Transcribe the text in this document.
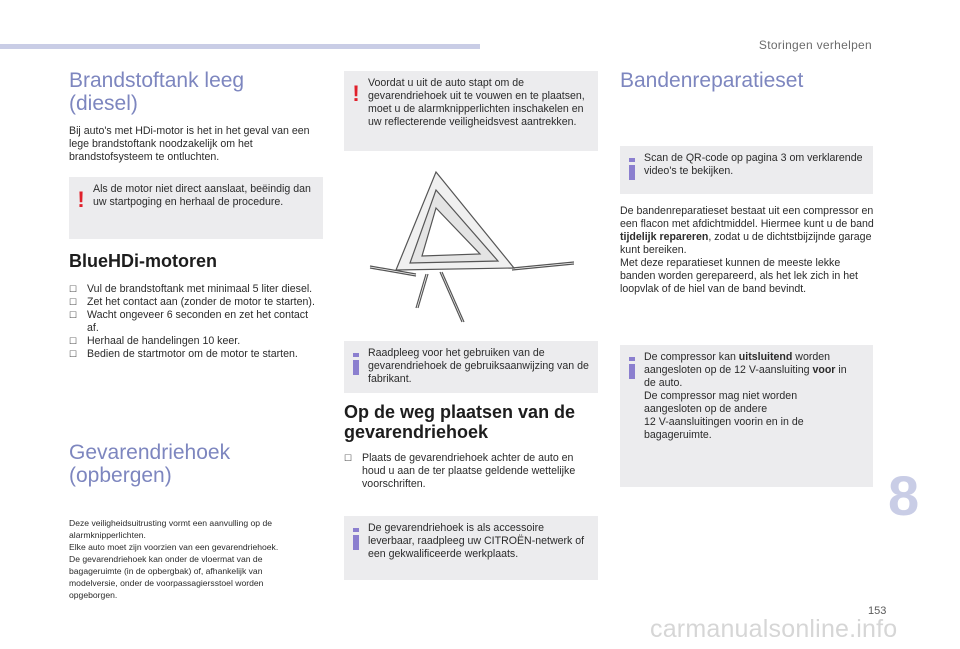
Storingen verhelpen
Brandstoftank leeg
(diesel)

Bij auto's met HDi-motor is het in het geval van een lege brandstoftank noodzakelijk om het brandstofsysteem te ontluchten.

! Als de motor niet direct aanslaat, beëindig dan uw startpoging en herhaal de procedure.
BlueHDi-motoren
☐ Vul de brandstoftank met minimaal 5 liter diesel.
☐ Zet het contact aan (zonder de motor te starten).
☐ Wacht ongeveer 6 seconden en zet het contact af.
☐ Herhaal de handelingen 10 keer.
☐ Bedien de startmotor om de motor te starten.
Gevarendriehoek
(opbergen)
Deze veiligheidsuitrusting vormt een aanvulling op de
alarmknipperlichten.
Elke auto moet zijn voorzien van een gevarendriehoek.
De gevarendriehoek kan onder de vloermat van de
bagageruimte (in de opbergbak) of, afhankelijk van
modelversie, onder de voorpassagiersstoel worden
opgeborgen.
! Voordat u uit de auto stapt om de gevarendriehoek uit te vouwen en te plaatsen, moet u de alarmknipperlichten inschakelen en uw reflecterende veiligheidsvest aantrekken.
Raadpleeg voor het gebruiken van de gevarendriehoek de gebruiksaanwijzing van de fabrikant.
Op de weg plaatsen van de
gevarendriehoek
☐ Plaats de gevarendriehoek achter de auto en houd u aan de ter plaatse geldende wettelijke voorschriften.
De gevarendriehoek is als accessoire leverbaar, raadpleeg uw CITROËN-netwerk of een gekwalificeerde werkplaats.
Bandenreparatieset
Scan de QR-code op pagina 3 om verklarende video's te bekijken.

De bandenreparatieset bestaat uit een compressor en een flacon met afdichtmiddel. Hiermee kunt u de band tijdelijk repareren, zodat u de dichtstbijzijnde garage kunt bereiken.
Met deze reparatieset kunnen de meeste lekke banden worden gerepareerd, als het lek zich in het loopvlak of de hiel van de band bevindt.

De compressor kan uitsluitend worden aangesloten op de 12 V-aansluiting voor in de auto.
De compressor mag niet worden aangesloten op de andere
12 V-aansluitingen voorin en in de bagageruimte.
8
carmanualsonline.info
153
